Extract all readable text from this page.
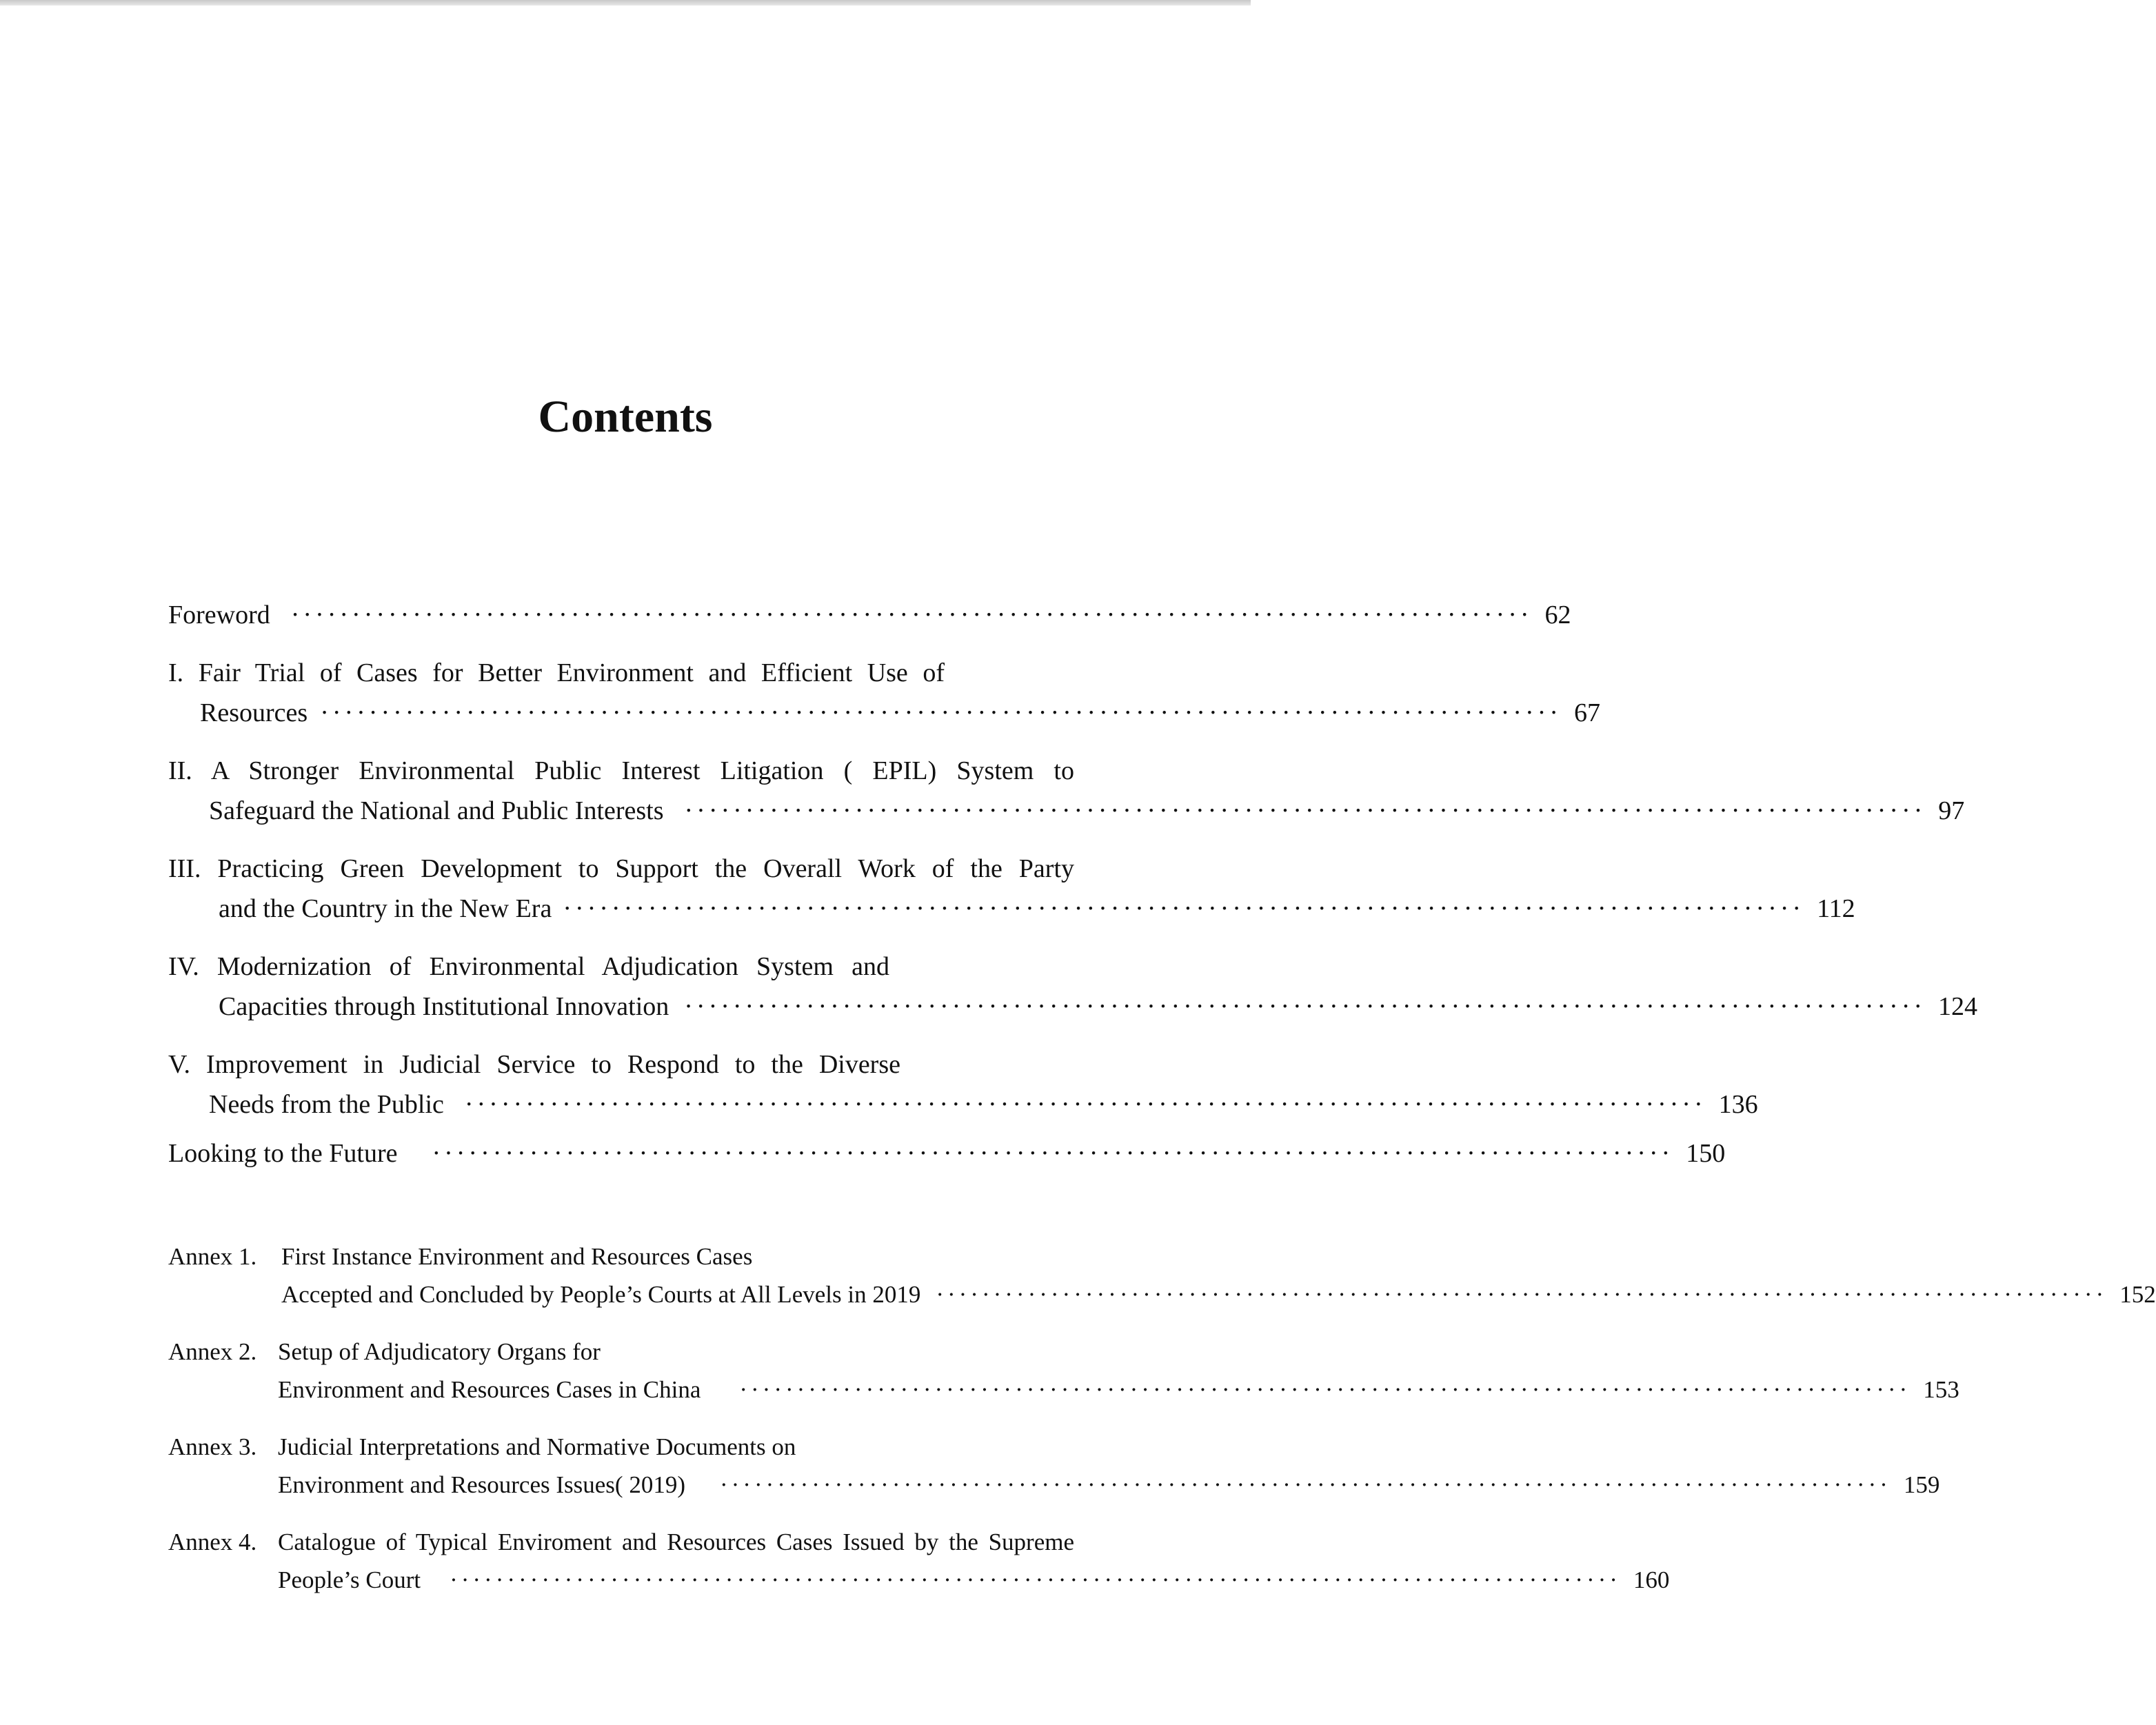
Contents
Foreword ······································································································ 62
I. Fair Trial of Cases for Better Environment and Efficient Use of
Resources ······································································································ 67
II. A Stronger Environmental Public Interest Litigation ( EPIL) System to
Safeguard the National and Public Interests ······································································································ 97
III. Practicing Green Development to Support the Overall Work of the Party
and the Country in the New Era ······································································································ 112
IV. Modernization of Environmental Adjudication System and
Capacities through Institutional Innovation ······································································································ 124
V. Improvement in Judicial Service to Respond to the Diverse
Needs from the Public ······································································································ 136
Looking to the Future ······································································································ 150
Annex 1. First Instance Environment and Resources Cases
Accepted and Concluded by People’s Courts at All Levels in 2019 ······································································································ 152
Annex 2. Setup of Adjudicatory Organs for
Environment and Resources Cases in China ······································································································ 153
Annex 3. Judicial Interpretations and Normative Documents on
Environment and Resources Issues( 2019) ······································································································ 159
Annex 4. Catalogue of Typical Enviroment and Resources Cases Issued by the Supreme
People’s Court ······································································································ 160
